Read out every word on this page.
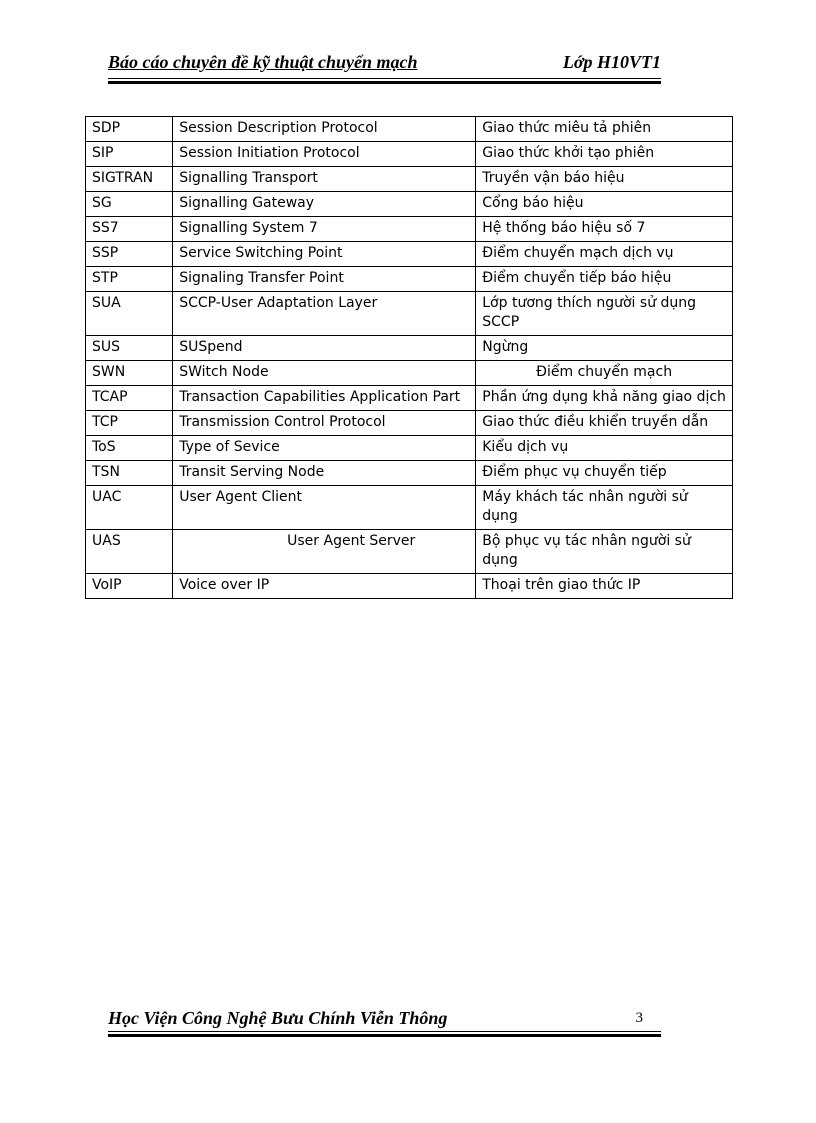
Báo cáo chuyên đề kỹ thuật chuyển mạch	Lớp H10VT1
SDP	Session Description Protocol	Giao thức miêu tả phiên
SIP	Session Initiation Protocol	Giao thức khởi tạo phiên
SIGTRAN	Signalling Transport	Truyền vận báo hiệu
SG	Signalling Gateway	Cổng báo hiệu
SS7	Signalling System 7	Hệ thống báo hiệu số 7
SSP	Service Switching Point	Điểm chuyển mạch dịch vụ
STP	Signaling Transfer Point	Điểm chuyển tiếp báo hiệu
SUA	SCCP-User Adaptation Layer	Lớp tương thích người sử dụng SCCP
SUS	SUSpend	Ngừng
SWN	SWitch Node	Điểm chuyển mạch
TCAP	Transaction Capabilities Application Part	Phần ứng dụng khả năng giao dịch
TCP	Transmission Control Protocol	Giao thức điều khiển truyền dẫn
ToS	Type of Sevice	Kiểu dịch vụ
TSN	Transit Serving Node	Điểm phục vụ chuyển tiếp
UAC	User Agent Client	Máy khách tác nhân người sử dụng
UAS	User Agent Server	Bộ phục vụ tác nhân người sử dụng
VoIP	Voice over IP	Thoại trên giao thức IP
Học Viện Công Nghệ Bưu Chính Viễn Thông	3
